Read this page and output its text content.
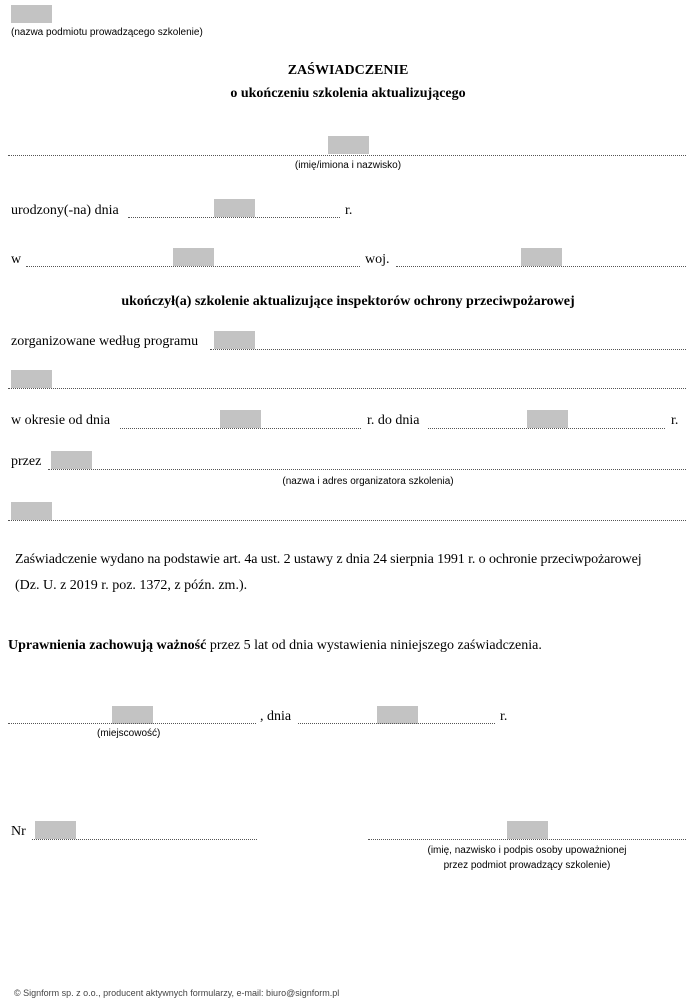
(nazwa podmiotu prowadzącego szkolenie)
ZAŚWIADCZENIE
o ukończeniu szkolenia aktualizującego
(imię/imiona i nazwisko)
urodzony(-na) dnia	r.
w	woj.
ukończył(a) szkolenie aktualizujące inspektorów ochrony przeciwpożarowej
zorganizowane według programu
w okresie od dnia	r. do dnia	r.
przez
(nazwa i adres organizatora szkolenia)
Zaświadczenie wydano na podstawie art. 4a ust. 2 ustawy z dnia 24 sierpnia 1991 r. o ochronie przeciwpożarowej
(Dz. U. z 2019 r. poz. 1372, z późn. zm.).
Uprawnienia zachowują ważność przez 5 lat od dnia wystawienia niniejszego zaświadczenia.
(miejscowość)
, dnia	r.
Nr
(imię, nazwisko i podpis osoby upoważnionej
przez podmiot prowadzący szkolenie)
© Signform sp. z o.o., producent aktywnych formularzy, e-mail: biuro@signform.pl
